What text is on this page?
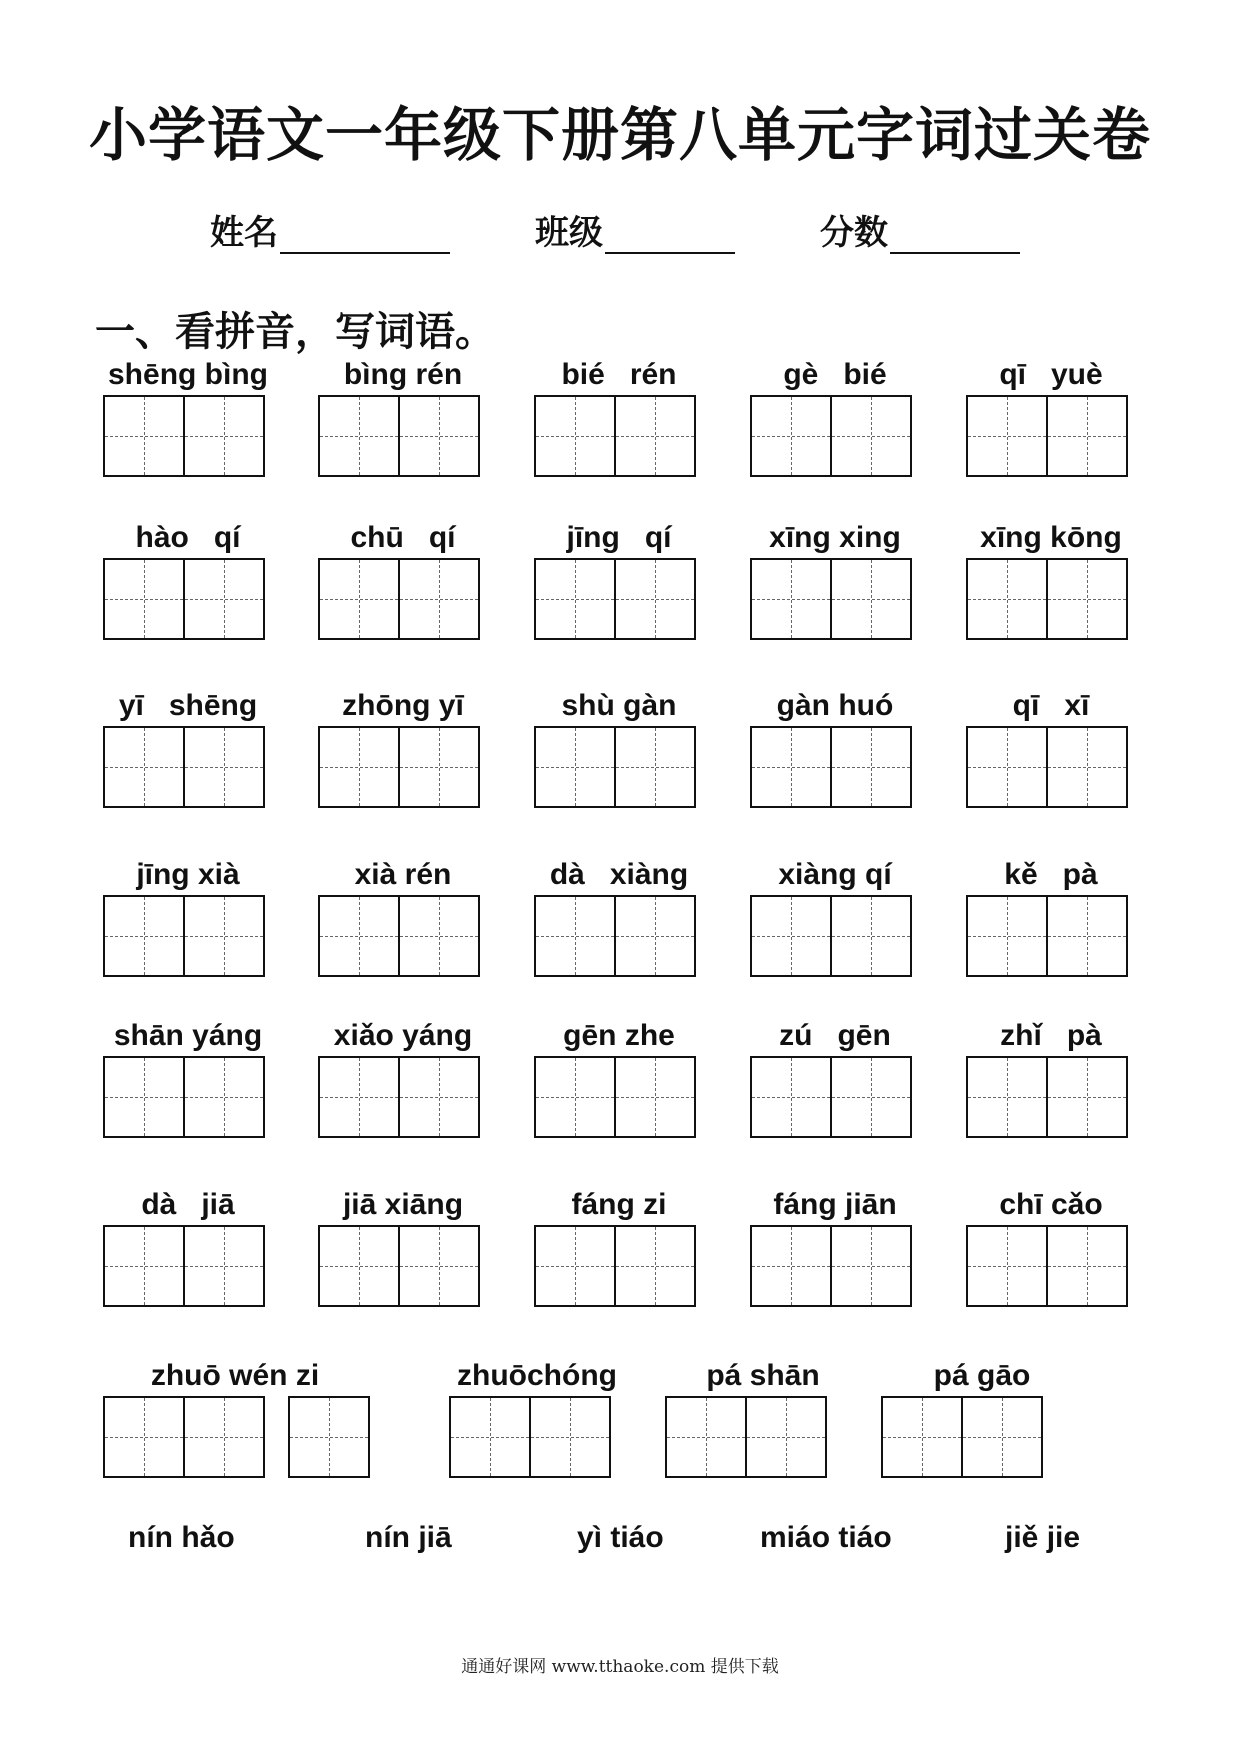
小学语文一年级下册第八单元字词过关卷
姓名	班级	分数
一、看拼音，写词语。
shēng bìng	bìng rén	bié   rén	gè   bié	qī   yuè
hào   qí	chū   qí	jīng   qí	xīng xing	xīng kōng
yī   shēng	zhōng yī	shù gàn	gàn huó	qī   xī
jīng xià	xià rén	dà   xiàng	xiàng qí	kě   pà
shān yáng	xiǎo yáng	gēn zhe	zú   gēn	zhǐ   pà
dà   jiā	jiā xiāng	fáng zi	fáng jiān	chī cǎo
zhuō wén zi	zhuōchóng	pá shān	pá gāo
nín hǎo	nín jiā	yì tiáo	miáo tiáo	jiě jie
通通好课网 www.tthaoke.com 提供下载
